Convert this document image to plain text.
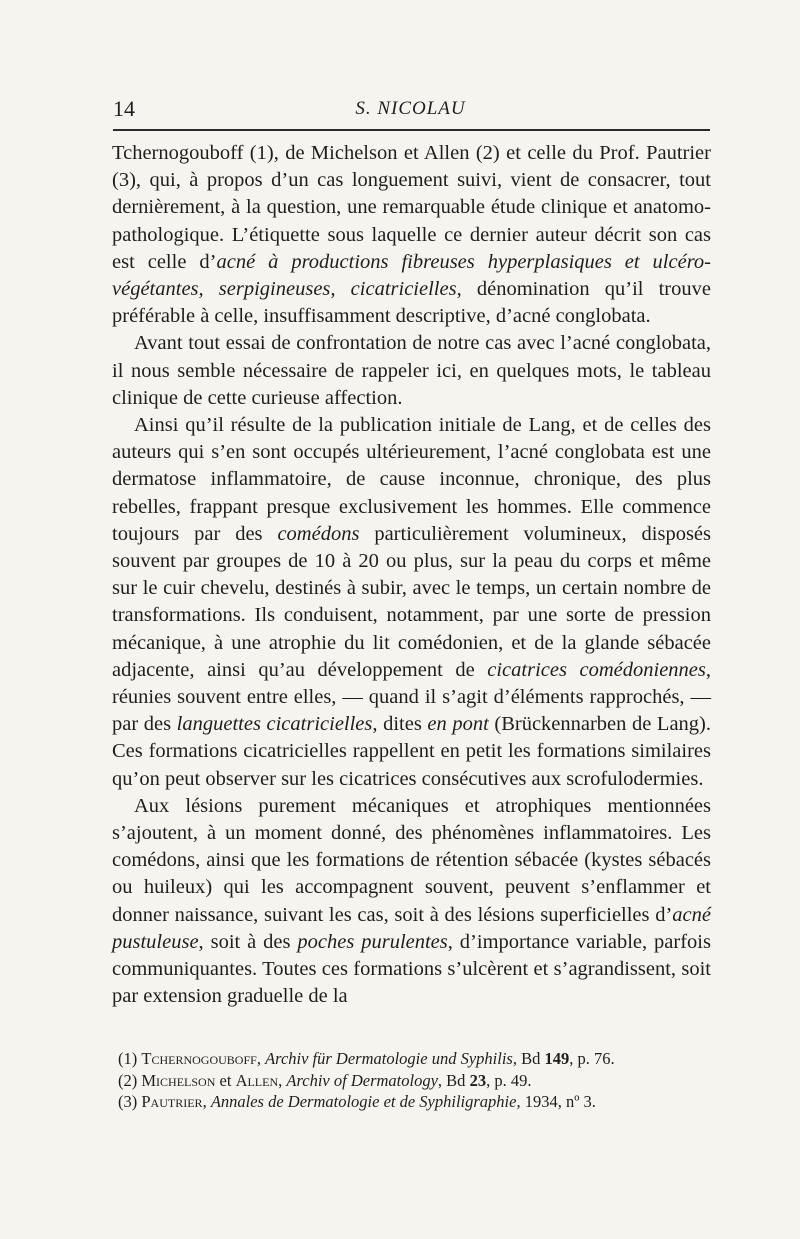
14	S. NICOLAU

Tchernogouboff (1), de Michelson et Allen (2) et celle du Prof. Pautrier (3), qui, à propos d’un cas longuement suivi, vient de consacrer, tout dernièrement, à la question, une remarquable étude clinique et anatomo-pathologique. L’étiquette sous laquelle ce dernier auteur décrit son cas est celle d’acné à productions fibreuses hyperplasiques et ulcéro-végétantes, serpigineuses, cicatricielles, dénomination qu’il trouve préférable à celle, insuffisamment descriptive, d’acné conglobata.

Avant tout essai de confrontation de notre cas avec l’acné conglobata, il nous semble nécessaire de rappeler ici, en quelques mots, le tableau clinique de cette curieuse affection.

Ainsi qu’il résulte de la publication initiale de Lang, et de celles des auteurs qui s’en sont occupés ultérieurement, l’acné conglobata est une dermatose inflammatoire, de cause inconnue, chronique, des plus rebelles, frappant presque exclusivement les hommes. Elle commence toujours par des comédons particulièrement volumineux, disposés souvent par groupes de 10 à 20 ou plus, sur la peau du corps et même sur le cuir chevelu, destinés à subir, avec le temps, un certain nombre de transformations. Ils conduisent, notamment, par une sorte de pression mécanique, à une atrophie du lit comédonien, et de la glande sébacée adjacente, ainsi qu’au développement de cicatrices comédoniennes, réunies souvent entre elles, — quand il s’agit d’éléments rapprochés, — par des languettes cicatricielles, dites en pont (Brückennarben de Lang). Ces formations cicatricielles rappellent en petit les formations similaires qu’on peut observer sur les cicatrices consécutives aux scrofulodermies.

Aux lésions purement mécaniques et atrophiques mentionnées s’ajoutent, à un moment donné, des phénomènes inflammatoires. Les comédons, ainsi que les formations de rétention sébacée (kystes sébacés ou huileux) qui les accompagnent souvent, peuvent s’enflammer et donner naissance, suivant les cas, soit à des lésions superficielles d’acné pustuleuse, soit à des poches purulentes, d’importance variable, parfois communiquantes. Toutes ces formations s’ulcèrent et s’agrandissent, soit par extension graduelle de la

(1) Tchernogouboff, Archiv für Dermatologie und Syphilis, Bd 149, p. 76.

(2) Michelson et Allen, Archiv of Dermatology, Bd 23, p. 49.

(3) Pautrier, Annales de Dermatologie et de Syphiligraphie, 1934, nº 3.
